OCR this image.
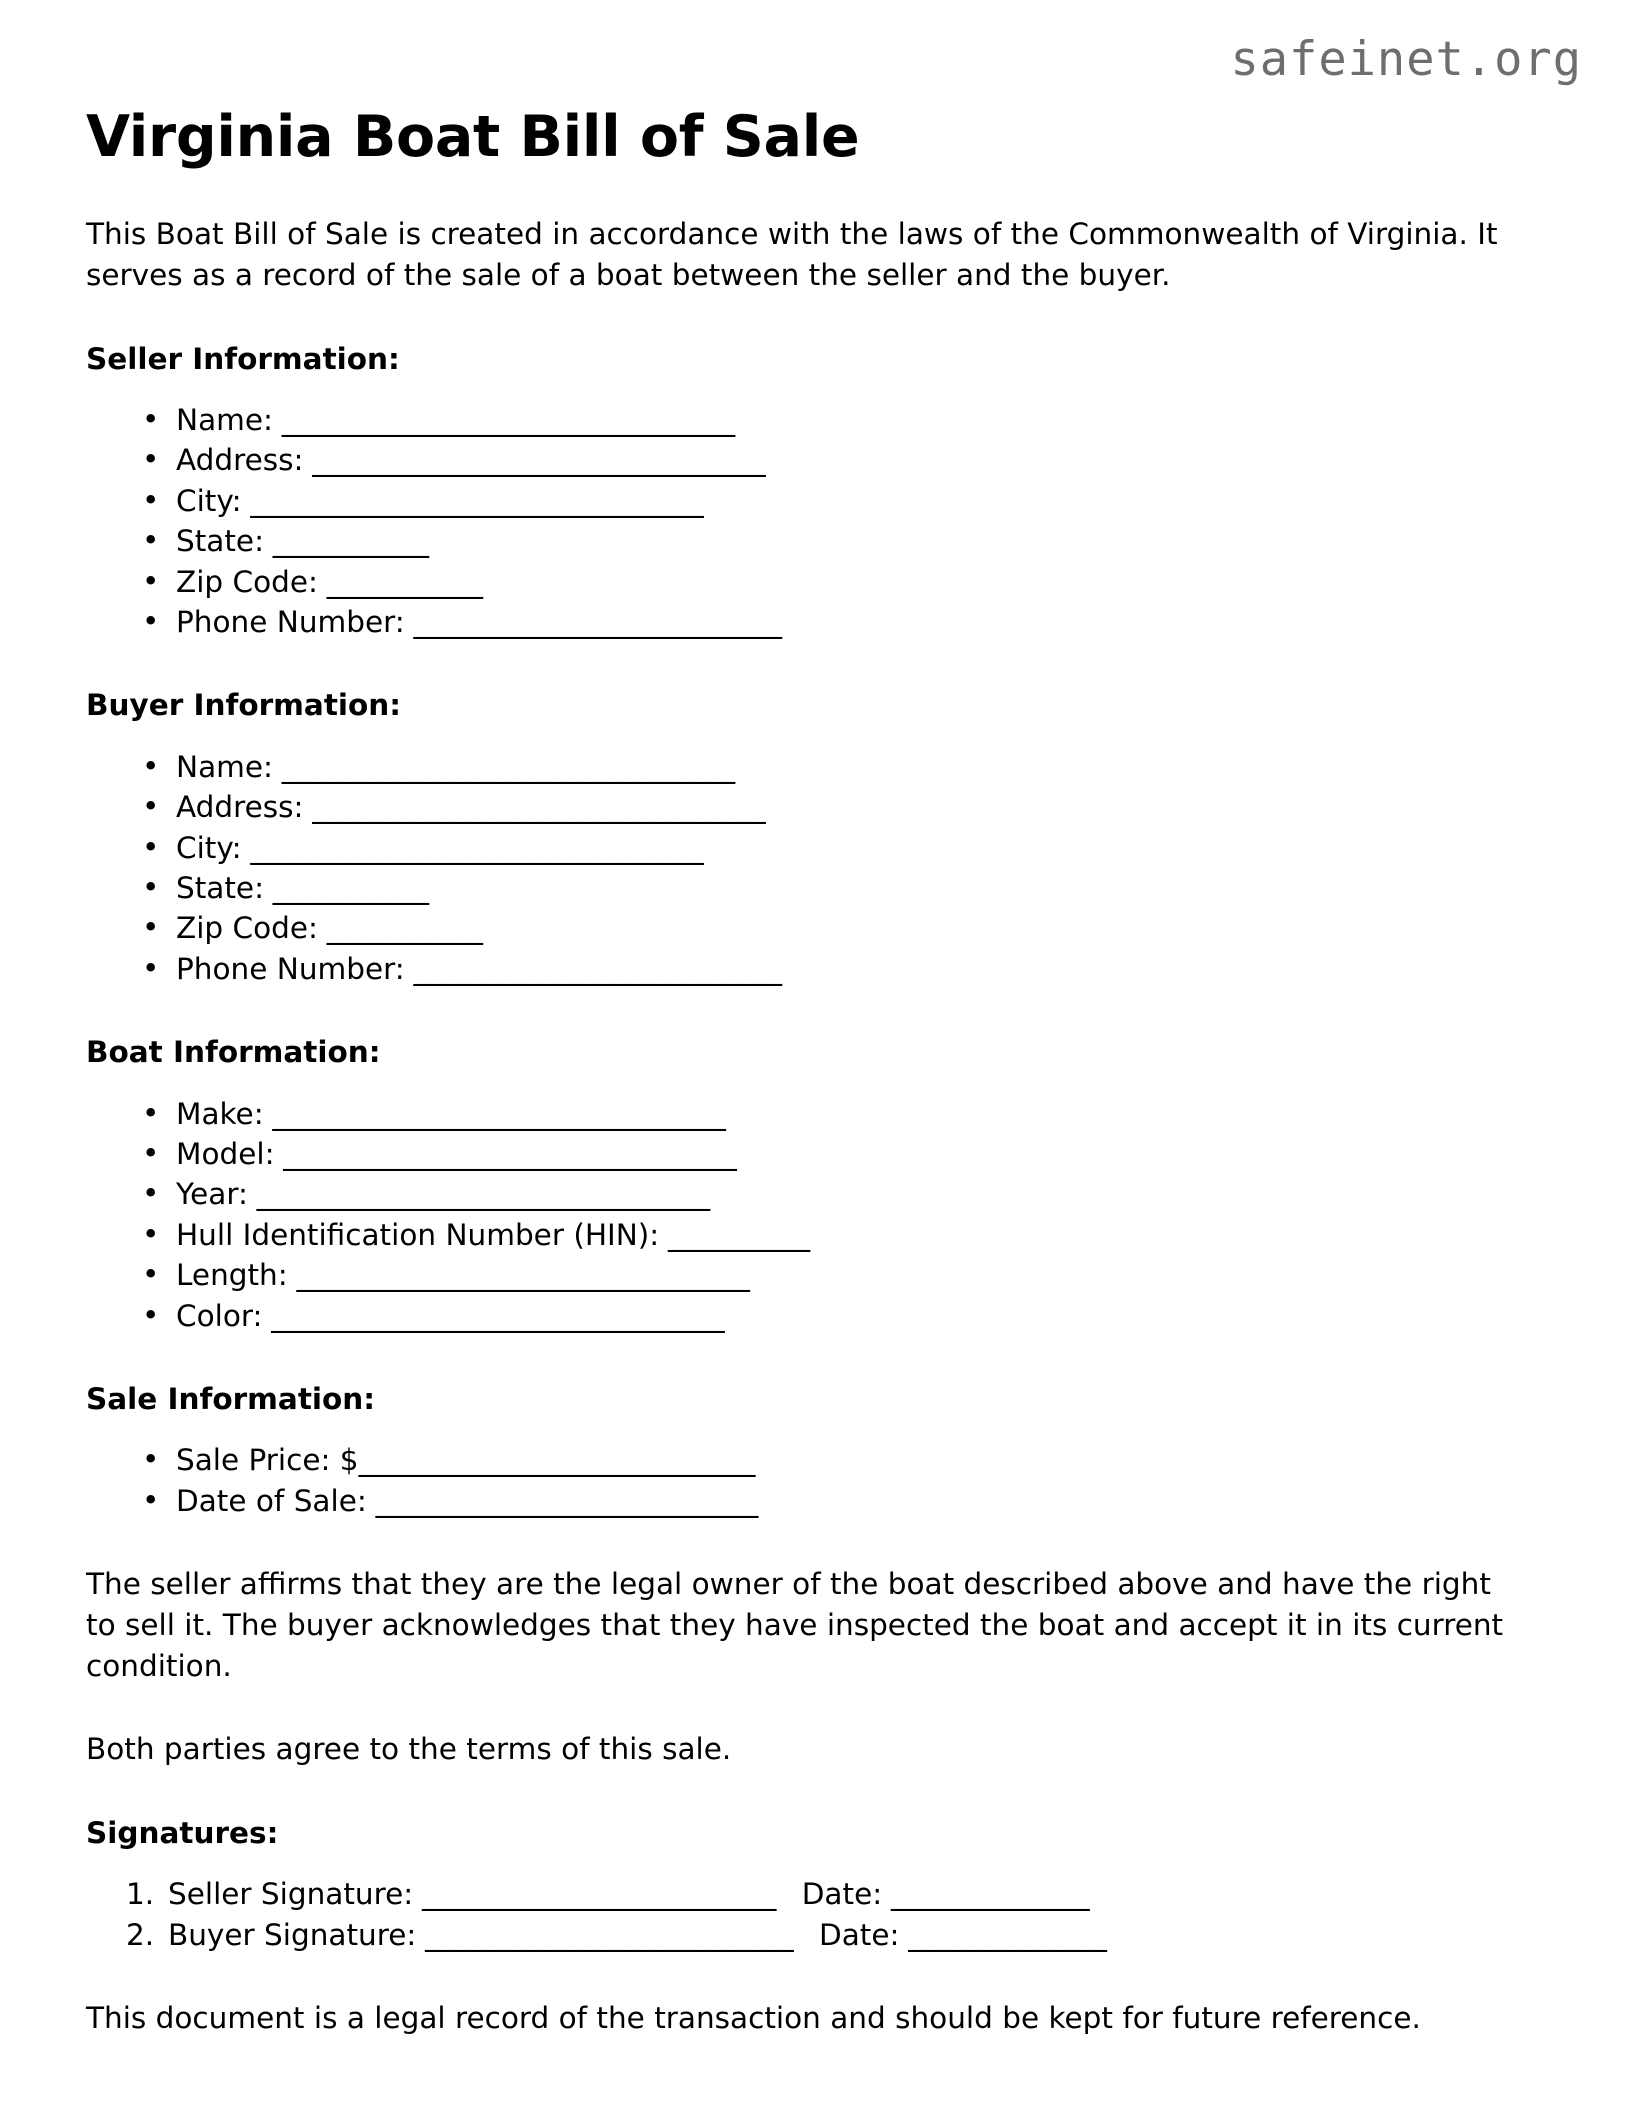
safeinet.org
Virginia Boat Bill of Sale

This Boat Bill of Sale is created in accordance with the laws of the Commonwealth of Virginia. It serves as a record of the sale of a boat between the seller and the buyer.

Seller Information:
• Name: ________________________________
• Address: ________________________________
• City: ________________________________
• State: ___________
• Zip Code: ___________
• Phone Number: __________________________
Buyer Information:
• Name: ________________________________
• Address: ________________________________
• City: ________________________________
• State: ___________
• Zip Code: ___________
• Phone Number: __________________________
Boat Information:
• Make: ________________________________
• Model: ________________________________
• Year: ________________________________
• Hull Identification Number (HIN): __________
• Length: ________________________________
• Color: ________________________________
Sale Information:
• Sale Price: $____________________________
• Date of Sale: ___________________________

The seller affirms that they are the legal owner of the boat described above and have the right to sell it. The buyer acknowledges that they have inspected the boat and accept it in its current condition.

Both parties agree to the terms of this sale.

Signatures:
Seller Signature: _________________________ Date: ______________
Buyer Signature: __________________________ Date: ______________

This document is a legal record of the transaction and should be kept for future reference.
